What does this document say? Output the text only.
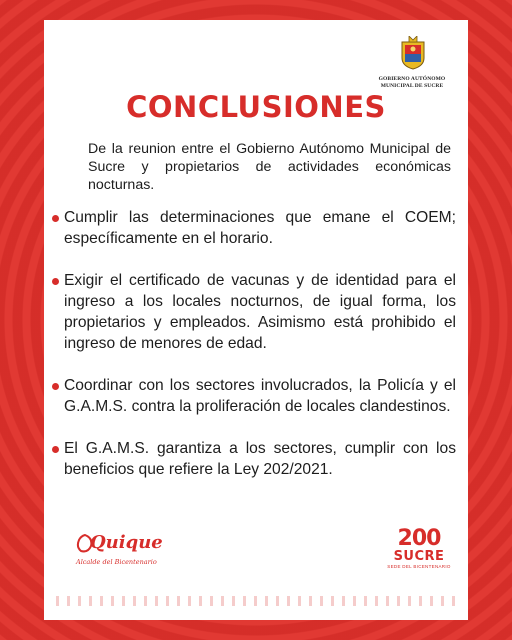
GOBIERNO AUTÓNOMO
MUNICIPAL DE SUCRE
CONCLUSIONES
De la reunion entre el Gobierno Autónomo Municipal de Sucre y propietarios de actividades económicas nocturnas.
Cumplir las determinaciones que emane el COEM; específicamente en el horario.
Exigir el certificado de vacunas y de identidad para el ingreso a los locales nocturnos, de igual forma, los propietarios y empleados. Asimismo está prohibido el ingreso de menores de edad.
Coordinar con los sectores involucrados, la Policía y el G.A.M.S. contra la proliferación de locales clandestinos.
El G.A.M.S. garantiza a los sectores, cumplir con los beneficios que refiere la Ley 202/2021.
Quique
Alcalde del Bicentenario
200
SUCRE
SEDE DEL BICENTENARIO
